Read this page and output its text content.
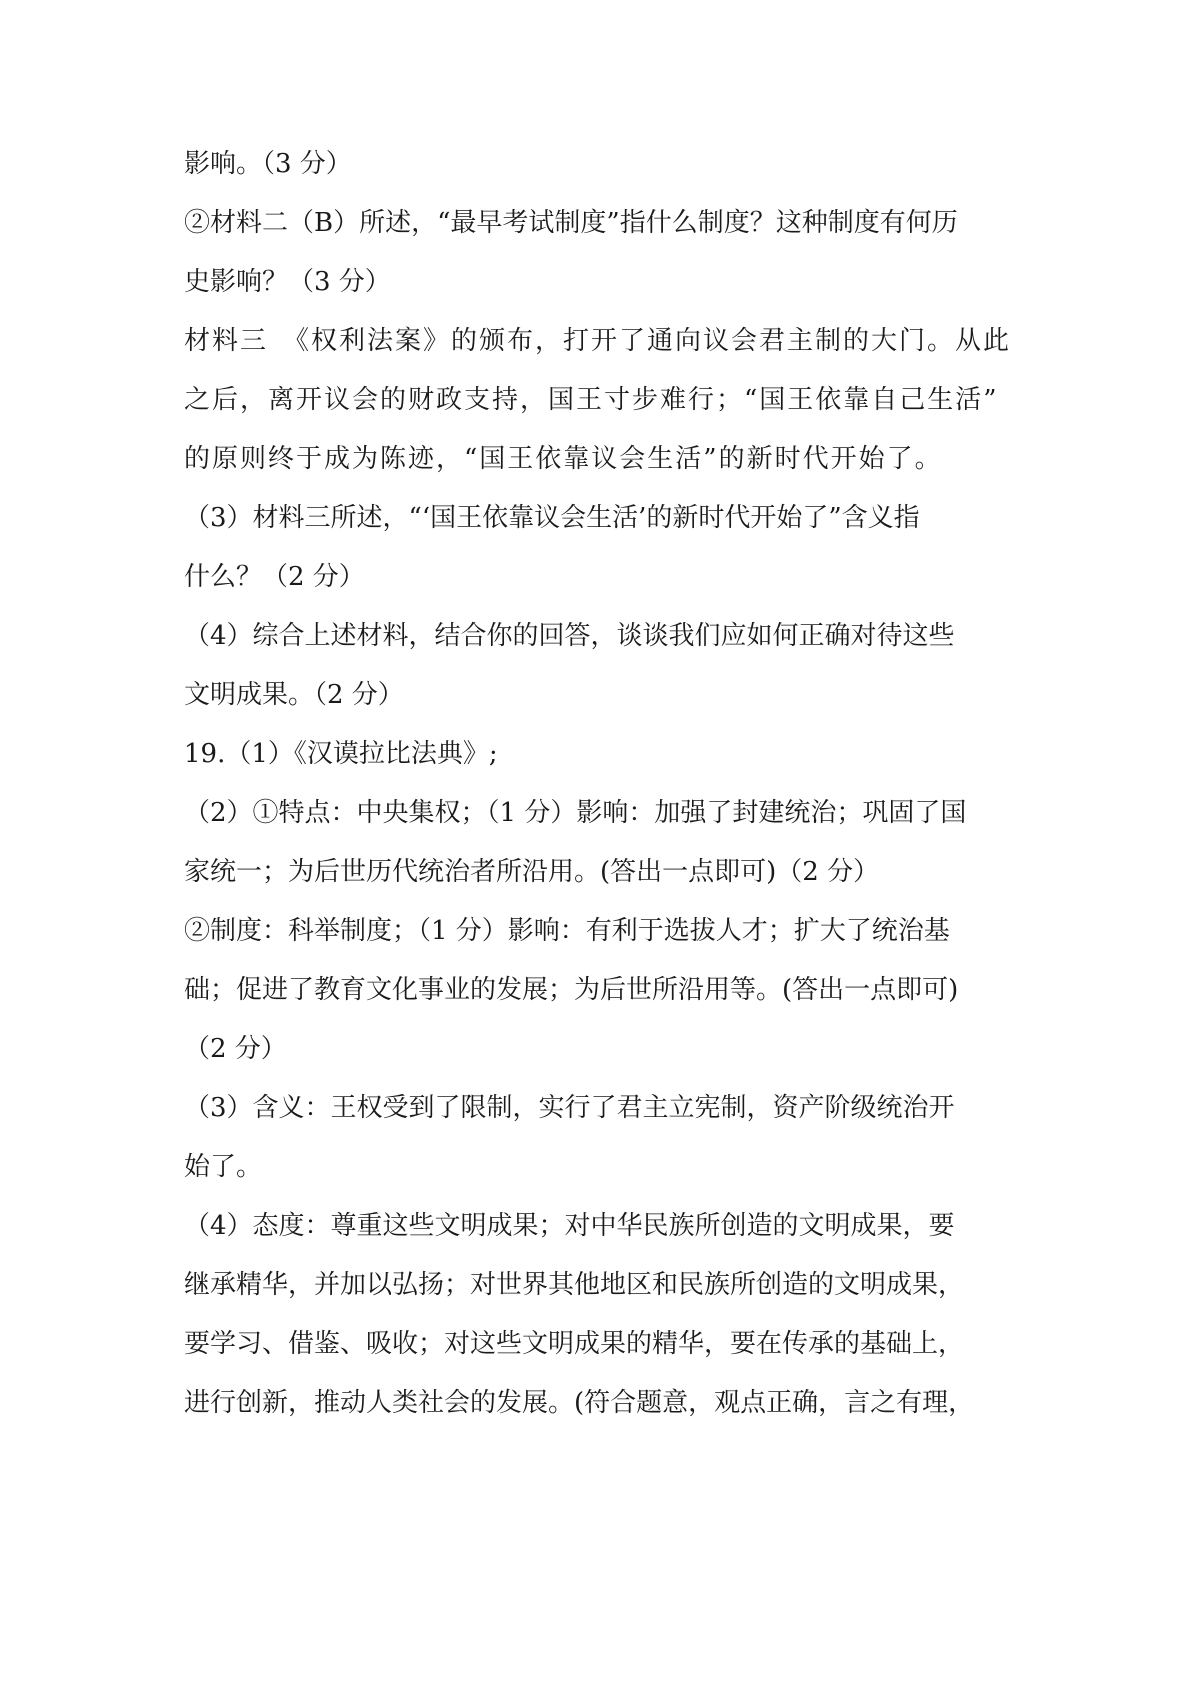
影响。（3 分）
②材料二（B）所述，“最早考试制度”指什么制度？这种制度有何历
史影响？（3 分）
材料三　《权利法案》的颁布，打开了通向议会君主制的大门。从此
之后，离开议会的财政支持，国王寸步难行；“国王依靠自己生活”
的原则终于成为陈迹，“国王依靠议会生活”的新时代开始了。
（3）材料三所述，“‘国王依靠议会生活’的新时代开始了”含义指
什么？（2 分）
（4）综合上述材料，结合你的回答，谈谈我们应如何正确对待这些
文明成果。（2 分）
19.（1）《汉谟拉比法典》;
（2）①特点：中央集权；（1 分）影响：加强了封建统治；巩固了国
家统一；为后世历代统治者所沿用。(答出一点即可)（2 分）
②制度：科举制度；（1 分）影响：有利于选拔人才；扩大了统治基
础；促进了教育文化事业的发展；为后世所沿用等。(答出一点即可)
（2 分）
（3）含义：王权受到了限制，实行了君主立宪制，资产阶级统治开
始了。
（4）态度：尊重这些文明成果；对中华民族所创造的文明成果，要
继承精华，并加以弘扬；对世界其他地区和民族所创造的文明成果，
要学习、借鉴、吸收；对这些文明成果的精华，要在传承的基础上，
进行创新，推动人类社会的发展。(符合题意，观点正确，言之有理，
